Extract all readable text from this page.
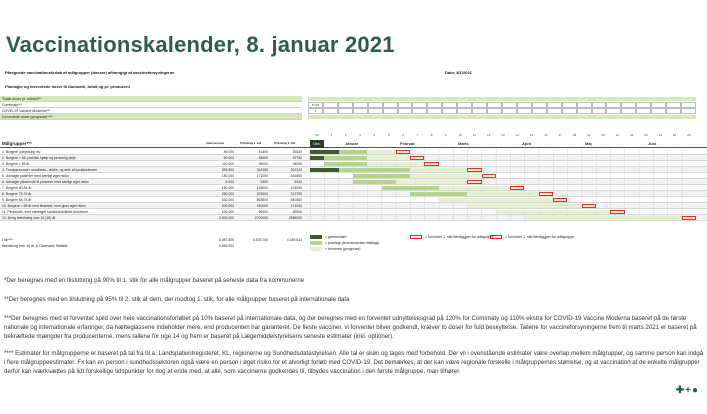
Vaccinationskalender, 8. januar 2021
Påregnede vaccinationsforløb af målgrupper (dosser) afhængigt af vaccineforsyningerne	Dato: 8/1/2021
Planlagte og forventede doser til Danmark, totalt og pr. producent
Totale doser pr. måned***
Comirnaty***	51.000
COVID-19 Vaccine Moderna***	0
Forventede doser (prognose)****
53	1	2	3	4	5	6	7	8	9	10	11	12	13	14	15	16	17	18	19	20	21	22	23	24	25	26
Målgrupper***	Antal personer	Tilslutning 1. stik	Tilslutning 2. stik	Dec.	Januar	Februar	Marts	April	Maj	Juni
1. Borgere i plejebolig mv.	46.000	41400	39330
2. Borgere > 65, praktisk hjælp og personlig pleje	50.000	45000	42750
3. Borgere > 85 år	110.000	99000	94050
4. Frontpersonale i sundheds-, ældre- og dele af socialsektoren	353.500	318150	302243
5. Udvalgte patienter med særligt øget risiko	180.000	171000	162450
6. Udvalgte pårørende til personer med særligt øget risiko	6.000	5400	5130
7. Borgere 80-84 år	150.000	135000	128250
8. Borgere 75-79 år	250.000	225000	213750
9. Borgere 65-74 år	632.000	568800	540360
10. Borgere < 65 år med tilstande, som giver øget risiko	200.000	180000	171000
11. Personale, som varetager samfundskritiske funktioner	100.000	90000	85500
12. Øvrig befolkning over 16 (18) år	3.000.000	2700000	2565000
I alt****	5.087.500	4.578.750	4.349.813
Befolkning over 16 år, jf. Danmarks Statistik	4.816.000
= gennemført
= planlagt (leverancedato fastlagt)
= forventet (prognose)
= forventet 1. stik færdiggjort for målgruppe	= forventet 1. stik færdiggjort for målgruppe

*Der beregnes med en tilslutning på 90% til 1. stik for alle målgrupper baseret på seneste data fra kommunerne

**Der beregnes med en tilslutning på 95% til 2. stik af dem, der modtog 1. stik, for alle målgrupper baseret på internationale data

***Der beregnes med et forventet spild over hele vaccinationsforløbet på 10% baseret på internationale data, og der beregnes med en forventet udnyttelsesgrad på 120% for Comirnaty og 110% ekstra for COVID-19 Vaccine Moderna baseret på de første nationale og internationale erfaringer, da hætteglassene indeholder mere, end producenten har garanteret. De fleste vacciner, vi forventer bliver godkendt, kræver to doser for fuld beskyttelse. Tallene for vaccineforsyningerne frem til marts 2021 er baseret på bekræftede mængder fra producenterne, mens tallene for uge 14 og frem er baseret på Lægemiddelstyrelsens seneste estimater (inkl. optioner).

**** Estimater for målgrupperne er baseret på tal fra bl.a. Landspatientregisteret, KL, regionerne og Sundhedsdatastyrelsen. Alle tal er skøn og tages med forbehold. Der vil i ovenstående estimater være overlap mellem målgrupper, og samme person kan indgå i flere målgruppeestimater. Fx kan en person i sundhedssektoren også være en person i øget risiko for et alvorligt forløb med COVID-19. Det bemærkes, at der kan være regionale forskelle i målgruppernes størrelse, og at vaccination af de enkelte målgrupper derfor kan iværksættes på lidt forskellige tidspunkter for dog at ende med, at alle, som vaccinerne godkendes til, tilbydes vaccination i den første målgruppe, man tilhører.

✚+●
